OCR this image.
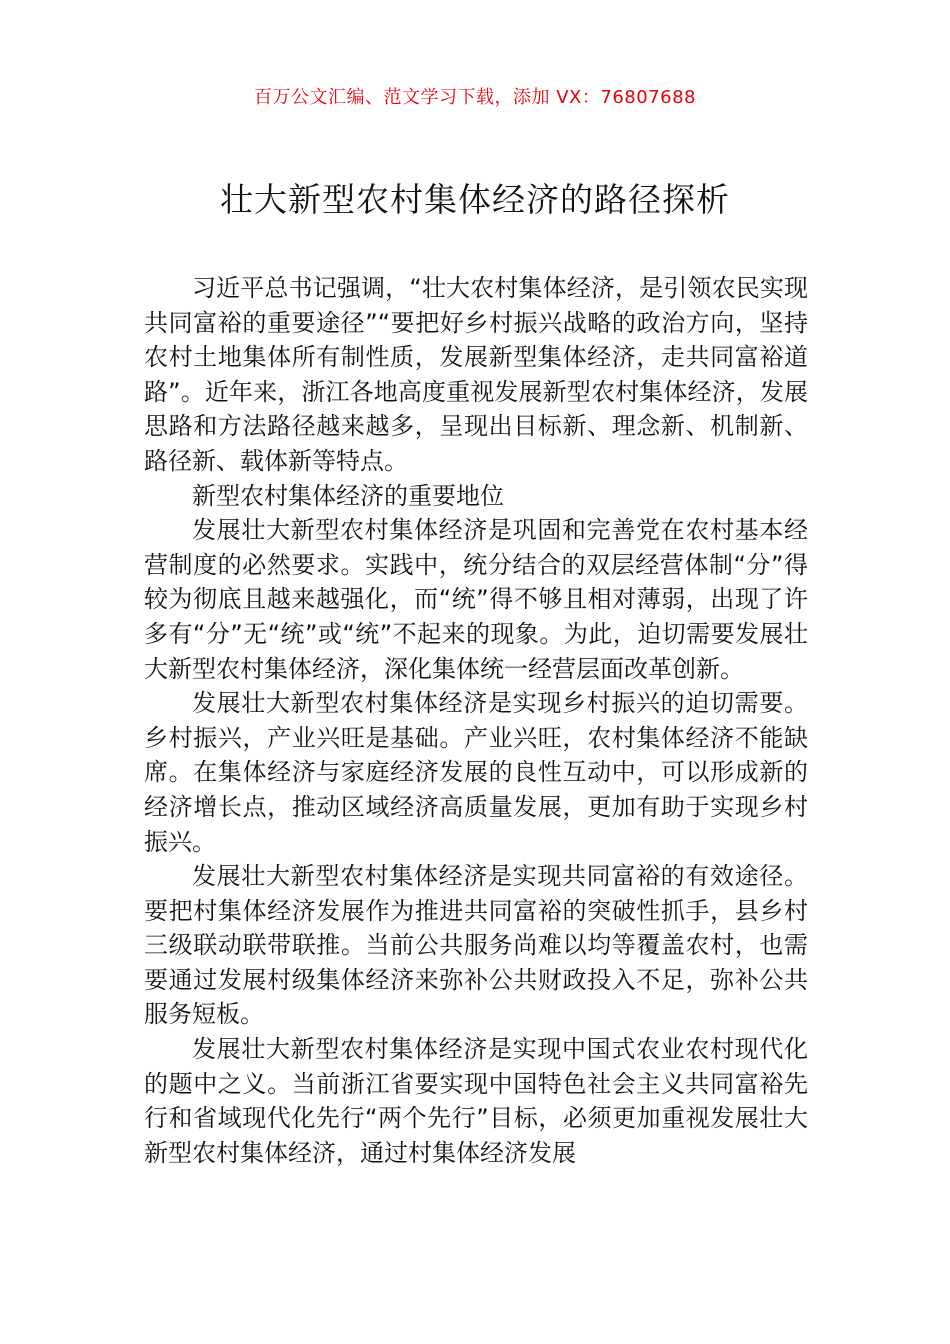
百万公文汇编、范文学习下载，添加 VX：76807688
壮大新型农村集体经济的路径探析

习近平总书记强调，“壮大农村集体经济，是引领农民实现共同富裕的重要途径”“要把好乡村振兴战略的政治方向，坚持农村土地集体所有制性质，发展新型集体经济，走共同富裕道路”。近年来，浙江各地高度重视发展新型农村集体经济，发展思路和方法路径越来越多，呈现出目标新、理念新、机制新、路径新、载体新等特点。

新型农村集体经济的重要地位

发展壮大新型农村集体经济是巩固和完善党在农村基本经营制度的必然要求。实践中，统分结合的双层经营体制“分”得较为彻底且越来越强化，而“统”得不够且相对薄弱，出现了许多有“分”无“统”或“统”不起来的现象。为此，迫切需要发展壮大新型农村集体经济，深化集体统一经营层面改革创新。

发展壮大新型农村集体经济是实现乡村振兴的迫切需要。乡村振兴，产业兴旺是基础。产业兴旺，农村集体经济不能缺席。在集体经济与家庭经济发展的良性互动中，可以形成新的经济增长点，推动区域经济高质量发展，更加有助于实现乡村振兴。

发展壮大新型农村集体经济是实现共同富裕的有效途径。要把村集体经济发展作为推进共同富裕的突破性抓手，县乡村三级联动联带联推。当前公共服务尚难以均等覆盖农村，也需要通过发展村级集体经济来弥补公共财政投入不足，弥补公共服务短板。

发展壮大新型农村集体经济是实现中国式农业农村现代化的题中之义。当前浙江省要实现中国特色社会主义共同富裕先行和省域现代化先行“两个先行”目标，必须更加重视发展壮大新型农村集体经济，通过村集体经济发展
